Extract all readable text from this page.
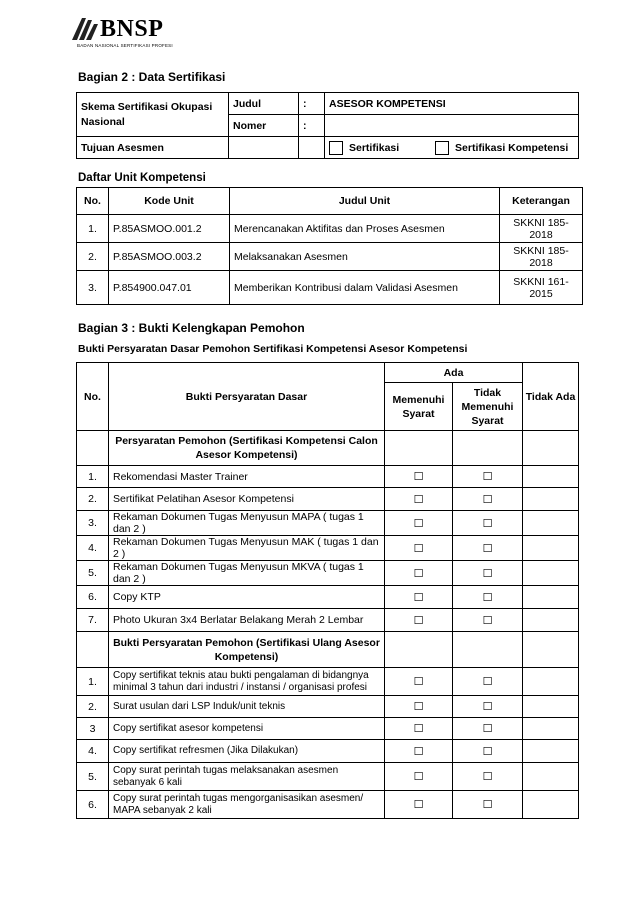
BNSP
BADAN NASIONAL SERTIFIKASI PROFESI
Bagian 2 : Data Sertifikasi
Skema Sertifikasi Okupasi Nasional	Judul	:	ASESOR KOMPETENSI
	Nomer	:	
Tujuan Asesmen			Sertifikasi Sertifikasi Kompetensi
Daftar Unit Kompetensi
No.	Kode Unit	Judul Unit	Keterangan
1.	P.85ASMOO.001.2	Merencanakan Aktifitas dan Proses Asesmen	SKKNI 185-2018
2.	P.85ASMOO.003.2	Melaksanakan Asesmen	SKKNI 185-2018
3.	P.854900.047.01	Memberikan Kontribusi dalam Validasi Asesmen	SKKNI 161-2015
Bagian 3 : Bukti Kelengkapan Pemohon
Bukti Persyaratan Dasar Pemohon Sertifikasi Kompetensi Asesor Kompetensi
No.	Bukti Persyaratan Dasar	Ada		Tidak Ada
		Memenuhi Syarat	Tidak Memenuhi Syarat	
	Persyaratan Pemohon (Sertifikasi Kompetensi Calon Asesor Kompetensi)			
1.	Rekomendasi Master Trainer	☐	☐	
2.	Sertifikat Pelatihan Asesor Kompetensi	☐	☐	
3.	Rekaman Dokumen Tugas Menyusun MAPA ( tugas 1 dan 2 )	☐	☐	
4.	Rekaman Dokumen Tugas Menyusun MAK ( tugas 1 dan 2 )	☐	☐	
5.	Rekaman Dokumen Tugas Menyusun MKVA ( tugas 1 dan 2 )	☐	☐	
6.	Copy KTP	☐	☐	
7.	Photo Ukuran 3x4 Berlatar Belakang Merah 2 Lembar	☐	☐	
	Bukti Persyaratan Pemohon (Sertifikasi Ulang Asesor Kompetensi)			
1.	Copy sertifikat teknis atau bukti pengalaman di bidangnya minimal 3 tahun dari industri / instansi / organisasi profesi	☐	☐	
2.	Surat usulan dari LSP Induk/unit teknis	☐	☐	
3	Copy sertifikat asesor kompetensi	☐	☐	
4.	Copy sertifikat refresmen (Jika Dilakukan)	☐	☐	
5.	Copy surat perintah tugas melaksanakan asesmen sebanyak 6 kali	☐	☐	
6.	Copy surat perintah tugas mengorganisasikan asesmen/ MAPA sebanyak 2 kali	☐	☐	
